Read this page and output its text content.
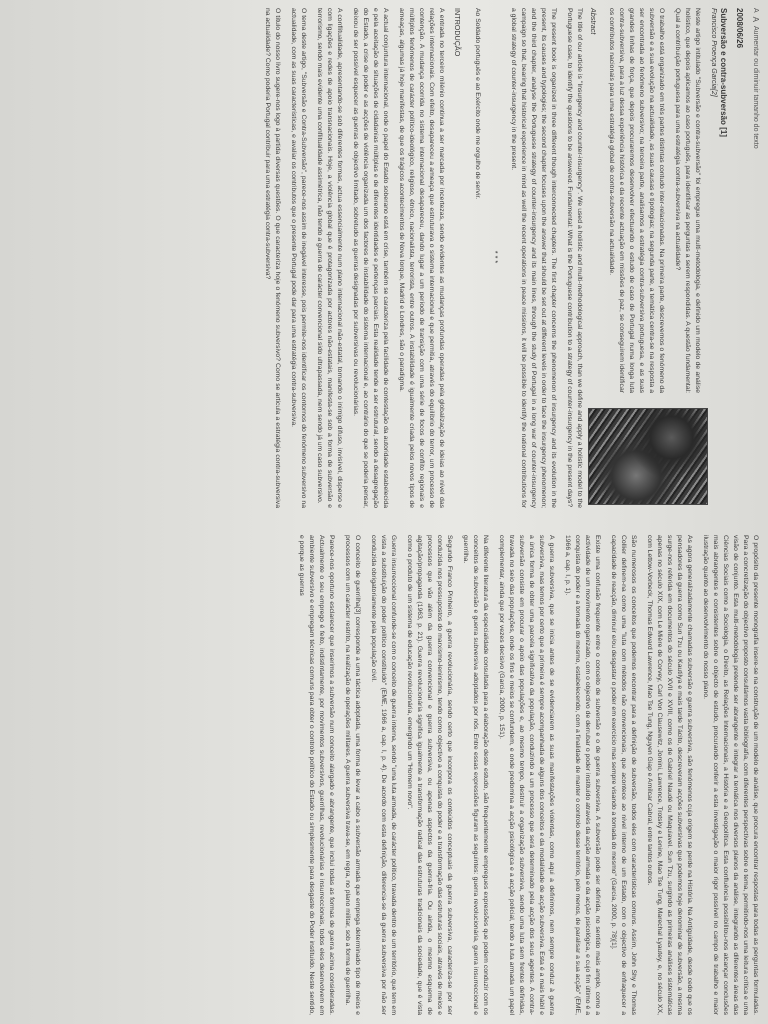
A
A
Aumentar ou diminuir tamanho do texto
2008/06/26
Subversão e contra-subversão [1]
Francisco Proença Garcia[2]

Neste artigo intitulado "Subversão e contra-subversão" foi empregue uma multi-metodologia, e definido um modelo de análise holístico, que depois aplicamos ao caso português, para identificar as perguntas a serem respondidas. A questão fundamental: Qual a contribuição portuguesa para uma estratégia contra-subversiva na actualidade?

O trabalho está organizado em três partes distintas contudo inter-relacionadas. Na primeira parte, descrevemos o fenómeno da subversão e a sua evolução na actualidade, as suas causas e tipologias; na segunda parte, a temática centra-se na resposta a ser encontrada ao fenómeno subversivo; na terceira parte, analisamos a estratégia contra-subversiva portuguesa, e as suas grandes linhas de força, que depois procuraremos desenvolver efectuando o estudo de caso de Portugal numa longa luta contra-subversiva, para a luz dessa experiência histórica e da recente actuação em missões de paz, se conseguirem identificar os contributos nacionais para uma estratégia global de contra-subversão na actualidade.

Abstract

The title of our article is "Insurgency and counter-insurgency". We used a holistic and multi-methodological approach, than we define and apply a holistic model to the Portuguese case, to identify the questions to be answered. Fundamental: What is the Portuguese contribution to a strategy of counter-insurgency in the present days?

The present book is organized in three different though interconnected chapters. The first chapter concerns the phenomenon of insurgency and its evolution in the present, its causes and typologies; the second chapter focuses upon the answer that should be set out at different levels in order to face the insurgency phenomenon; and the third chapter, analyse the Portuguese strategy of counter-insurgency and its main lines, through the study of Portugal in a long war of counter-insurgency campaign so that, bearing that historical experience in mind as well the recent operations in peace missions, it will be possible to identify the national contributions for a global strategy of counter-insurgency in the present.

***

Ao Soldado português e ao Exército onde me orgulho de servir.

INTRODUÇÃO

A entrada no terceiro milénio continua a ser marcada por incertezas, sendo evidentes as mudanças profundas operadas pela globalização de ideias ao nível das relações internacionais. Com efeito, desapareceu a ameaça que estruturava o sistema internacional e que permitia, através do equilíbrio do terror, um processo de contenção. A mudança ocorrida no sistema internacional desapareceu, dando lugar a um período de transição com uma série de focos de conflito regionais e múltiplos fenómenos de carácter político-ideológico, religioso, étnico, nacionalista, terrorista, entre outros. A instabilidade é igualmente criada pelos novos tipos de ameaças, algumas já hoje manifestas, de que os trágicos acontecimentos de Nova Iorque, Madrid e Londres, são o paradigma.

A actual conjuntura internacional, onde o papel do Estado soberano está em crise, também se caracteriza pela facilidade de contestação da autoridade estabelecida e pela aceitação de situações de cidadanias múltiplas e de diferentes identidades e pertenças parciais. Esta realidade tende a ser estrutural, sendo a desagregação do Estado, a crise de poder e as acções de violência organizada um dos factores de instabilidade do sistema internacional e, ao contrário do que se poderia pensar, deixou de ser possível esquecer as guerras de objectivo limitado, sobretudo as guerras designadas por subversivas ou revolucionárias.

A conflitualidade, apresentando-se sob diferentes formas, actua essencialmente num plano internacional não-estatal, tornando o inimigo difuso, invisível, disperso e com ligações e redes de apoio transnacionais. Hoje, a violência global que é protagonizada por actores não-estatais, manifesta-se sob a forma de subversão e terrorismo, sendo mais evidente uma conflitualidade assimétrica, não tendo a guerra de carácter convencional sido ultrapassada, nem sendo já um caso subversivo.

O tema deste artigo, "Subversão e Contra-Subversão", parece-nos assim de inegável interesse, pois permite-nos identificar os contornos do fenómeno subversivo na actualidade, com as suas características, e avaliar os contributos que o presente Portugal pode dar para uma estratégia contra-subversiva.

O título do nosso livro sugere-nos logo à partida diversas questões. O que caracteriza hoje o fenómeno subversivo? Como se articula a estratégia contra-subversiva na actualidade? Como poderia Portugal contribuir para uma estratégia contra-subversiva?

O propósito da presente monografia insere-se na construção de um modelo de análise, que procura encontrar respostas para todas as perguntas formuladas. Para a concretização do objectivo proposto consultámos vasta bibliografia, com diferentes perspectivas sobre o tema, permitindo-nos uma leitura crítica e uma visão de conjunto. Esta multi-metodologia pretende ser abrangente e integrar a temática nos diversos planos da análise, integrando as diferentes áreas das Ciências Sociais como a Sociologia, o Direito, as Relações Internacionais, a História e a Geopolítica. Esta confluência possibilitou-nos alcançar conclusões mais abrangentes e consistentes sobre o objecto de estudo, procurando conferir a esta investigação o maior rigor possível no campo de trabalho e maior ilustração quanto ao desenvolvimento do nosso plano.

As agora generalizadamente chamadas subversão e guerra subversiva, são fenómenos cuja origem se perde na História. Na Antiguidade, desde cedo que os pensadores da guerra como Sun Tzu ou Kautilya e mais tarde Tácito, descreveram acções subversivas que podemos hoje denominar de subversão, a mesma surge-nos referida em documentos do século XVII e XVIII, como os de Gabriel Naudé ou Maquiavel. Sun Tzu, surgindo as primeiras análises sistemáticas apenas no século XIX, com Le Mière de Corvey, Carl Von Clausewitz, Jomini, Lawrence, Trotsky e Lenine, Mao Tse Tung, Marechal Lyautey, e, no século XX, com Lettow-Vorbeck, Thomas Edward Lawrence, Mao Tse Tung, Nguyen Giap e Amílcar Cabral, entre tantos outros.

São numerosos os conceitos que podemos encontrar para a definição de subversão, todos eles com características comuns. Assim, John Shy e Thomas Collier definem-na como uma "luta com métodos não convencionais, que acontece ao nível interno de um Estado, com o objectivo de enfraquecer a capacidade de reacção, diminuir e/ou desgastar o poder em exercício mas sempre visando a tomada do mesmo" (Garcia, 2000, p. 78)[1].

Existe uma confusão frequente entre o conceito de subversão e o de guerra subversiva. A subversão pode ser definida, no sentido mais amplo, como a actividade de um movimento organizado, com o objectivo de derrubar o poder instituído através da acção armada e da acção psicológica, e cujo fim último é a conquista do poder e a tomada do mesmo, estabelecendo, com a finalidade de manter o controlo desse território, pelo menos, de paralisar a sua acção" (EME, 1966 a, cap. I, p. 1).

A guerra subversiva, que se inicia antes de se evidenciarem as suas manifestações violentas, como aqui a definimos, nem sempre conduz à guerra subversiva, mas temos por certo que a primeira é sempre acompanhada de alguns dos conceitos e da modalidade de acção subversiva. Esta é a mais hábil e a única forma de obter uma parcela significativa da população, conduzindo a um processo que será determinado pela acção dos seus agentes. A contra-subversão consiste em procurar o apoio das populações e, ao mesmo tempo, destruir a organização subversiva, sendo uma luta sem frentes definidas, travada no seio das populações, onde os fins e meios se confundem, e onde predomina a acção psicológica e a acção policial, tendo a luta armada um papel complementar, ainda que por vezes decisivo (Garcia, 2000, p. 151).

Na diferente literatura da especialidade consultada para a elaboração deste estudo, são frequentemente empregues expressões que podem conduzir com os conceitos de subversão e guerra subversiva adoptados por nós. Entre essas expressões figuram as seguintes: guerra revolucionária, guerra insurreccional e guerrilha.

Segundo Franco Pinheiro, a guerra revolucionária, sendo certo que incorpora os conteúdos conceptuais da guerra subversiva, caracteriza-se por ser conduzida nos pressupostos do marxismo-leninismo, tendo como objectivo a conquista do poder e a transformação das estruturas sociais, através de meios e processos que vão além da guerra convencional e guerra subversiva, ou apenas aspectos da guerra-fria. Ou ainda, o mesmo esquema de agitação/propaganda (1963, p. 21). Guerra revolucionária significa igualmente a transformação radical das estruturas tradicionais da sociedade, que é vista como o produto de um sistema de educação revolucionária, emergindo um "Homem novo".

Guerra insurreccional confunde-se com o conceito de guerra interna, sendo "uma luta armada, de carácter político, travada dentro de um território, que tem em vista a substituição do poder político constituído" (EME, 1966 a, cap. I, p. 4). De acordo com esta definição, diferencia-se da guerra subversiva por não ser conduzida obrigatoriamente pela população civil.

O conceito de guerrilha[3] corresponde a uma táctica adoptada, uma forma de levar a cabo a subversão armada que emprega determinado tipo de meios e processos com um carácter restrito, na realização de operações militares. A guerra subversiva trava-se, em regra, no plano militar, sob a forma de guerrilha.

Parece-nos oportuno esclarecer que inserimos a subversão num conceito alargado e abrangente, que inclui todas as formas de guerra acima consideradas. Actualmente o seu emprego é feito, indistintamente, por movimentos subversivos, guerrilhas, revolucionárias e insurreccionais, todos eles desenvolvem em ambiente subversivo e empregam técnicas comuns para obter o controlo político do Estado ou simplesmente para desgaste do Poder instituído. Neste sentido, e porque as guerras
